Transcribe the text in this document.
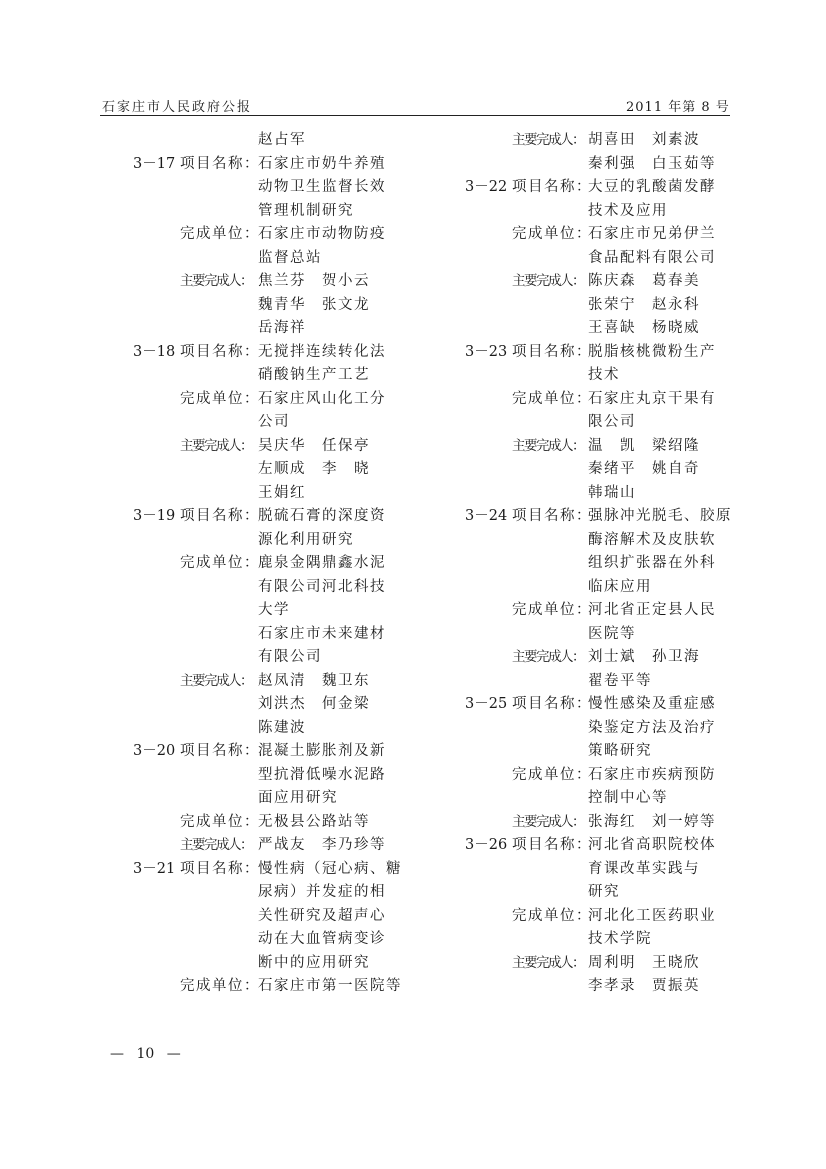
石家庄市人民政府公报	2011 年第 8 号
赵占军
3－17 项目名称：
石家庄市奶牛养殖
动物卫生监督长效
管理机制研究
完成单位：
石家庄市动物防疫
监督总站
主要完成人： 焦兰芬　贺小云
魏青华　张文龙
岳海祥
3－18 项目名称：
无搅拌连续转化法
硝酸钠生产工艺
完成单位：
石家庄风山化工分
公司
主要完成人： 吴庆华　任保亭
左顺成　李　晓
王娟红
3－19 项目名称：
脱硫石膏的深度资
源化利用研究
完成单位：
鹿泉金隅鼎鑫水泥
有限公司河北科技
大学
石家庄市未来建材
有限公司
主要完成人： 赵凤清　魏卫东
刘洪杰　何金梁
陈建波
3－20 项目名称：
混凝土膨胀剂及新
型抗滑低噪水泥路
面应用研究
完成单位：
无极县公路站等
主要完成人： 严战友　李乃珍等
3－21 项目名称：
慢性病（冠心病、糖
尿病）并发症的相
关性研究及超声心
动在大血管病变诊
断中的应用研究
完成单位：
石家庄市第一医院等
主要完成人： 胡喜田　刘素波
秦利强　白玉茹等
3－22 项目名称：
大豆的乳酸菌发酵
技术及应用
完成单位：
石家庄市兄弟伊兰
食品配料有限公司
主要完成人： 陈庆森　葛春美
张荣宁　赵永科
王喜缺　杨晓威
3－23 项目名称：
脱脂核桃微粉生产
技术
完成单位：
石家庄丸京干果有
限公司
主要完成人： 温　凯　梁绍隆
秦绪平　姚自奇
韩瑞山
3－24 项目名称：
强脉冲光脱毛、胶原
酶溶解术及皮肤软
组织扩张器在外科
临床应用
完成单位：
河北省正定县人民
医院等
主要完成人： 刘士斌　孙卫海
翟卷平等
3－25 项目名称：
慢性感染及重症感
染鉴定方法及治疗
策略研究
完成单位：
石家庄市疾病预防
控制中心等
主要完成人： 张海红　刘一婷等
3－26 项目名称：
河北省高职院校体
育课改革实践与
研究
完成单位：
河北化工医药职业
技术学院
主要完成人： 周利明　王晓欣
李孝录　贾振英
— 10 —
